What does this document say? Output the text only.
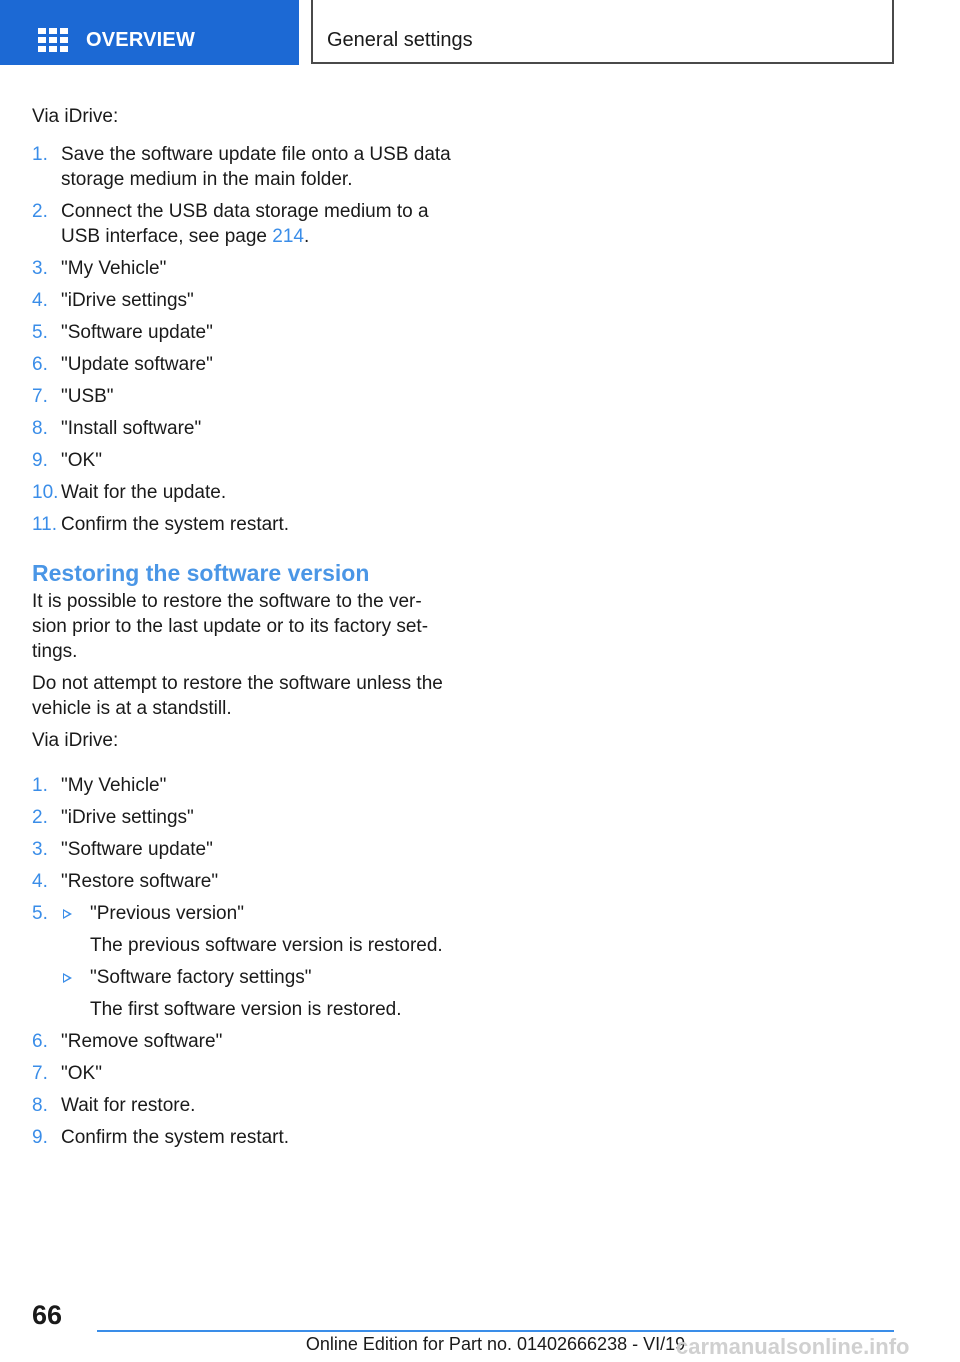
OVERVIEW	General settings

Via iDrive:

1. Save the software update file onto a USB data storage medium in the main folder.
2. Connect the USB data storage medium to a USB interface, see page 214.
3. "My Vehicle"
4. "iDrive settings"
5. "Software update"
6. "Update software"
7. "USB"
8. "Install software"
9. "OK"
10. Wait for the update.
11. Confirm the system restart.
Restoring the software version

It is possible to restore the software to the ver‐ sion prior to the last update or to its factory set‐ tings.

Do not attempt to restore the software unless the vehicle is at a standstill.

Via iDrive:

1. "My Vehicle"
2. "iDrive settings"
3. "Software update"
4. "Restore software"
5. "Previous version"
The previous software version is restored.
"Software factory settings"
The first software version is restored.
6. "Remove software"
7. "OK"
8. Wait for restore.
9. Confirm the system restart.
66
Online Edition for Part no. 01402666238 - VI/19
carmanualsonline.info
